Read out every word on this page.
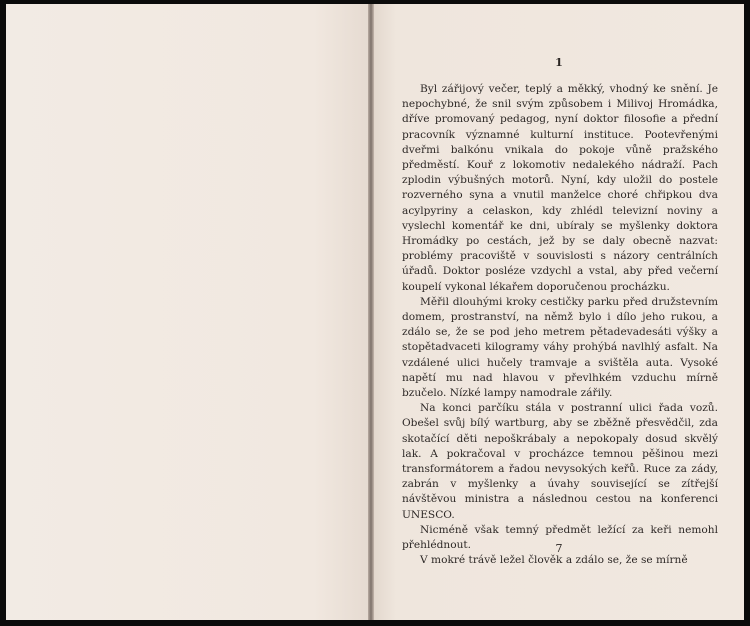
1

Byl zářijový večer, teplý a měkký, vhodný ke snění. Je nepochybné, že snil svým způsobem i Milivoj Hromádka, dříve promovaný pedagog, nyní doktor filosofie a přední pracovník významné kulturní instituce. Pootevřenými dveřmi balkónu vnikala do pokoje vůně pražského předměstí. Kouř z lokomotiv nedalekého nádraží. Pach zplodin výbušných motorů. Nyní, kdy uložil do postele rozverného syna a vnutil manželce choré chřipkou dva acylpyriny a celaskon, kdy zhlédl televizní noviny a vyslechl komentář ke dni, ubíraly se myšlenky doktora Hromádky po cestách, jež by se daly obecně nazvat: problémy pracoviště v souvislosti s názory centrálních úřadů. Doktor posléze vzdychl a vstal, aby před večerní koupelí vykonal lékařem doporučenou procházku.

Měřil dlouhými kroky cestičky parku před družstevním domem, prostranství, na němž bylo i dílo jeho rukou, a zdálo se, že se pod jeho metrem pětadevadesáti výšky a stopětadvaceti kilogramy váhy prohýbá navlhlý asfalt. Na vzdálené ulici hučely tramvaje a svištěla auta. Vysoké napětí mu nad hlavou v převlhkém vzduchu mírně bzučelo. Nízké lampy namodrale zářily.

Na konci parčíku stála v postranní ulici řada vozů. Obešel svůj bílý wartburg, aby se zběžně přesvědčil, zda skotačící děti nepoškrábaly a nepokopaly dosud skvělý lak. A pokračoval v procházce temnou pěšinou mezi transformátorem a řadou nevysokých keřů. Ruce za zády, zabrán v myšlenky a úvahy související se zítřejší návštěvou ministra a následnou cestou na konferenci UNESCO.

Nicméně však temný předmět ležící za keři nemohl přehlédnout.

V mokré trávě ležel člověk a zdálo se, že se mírně

7
